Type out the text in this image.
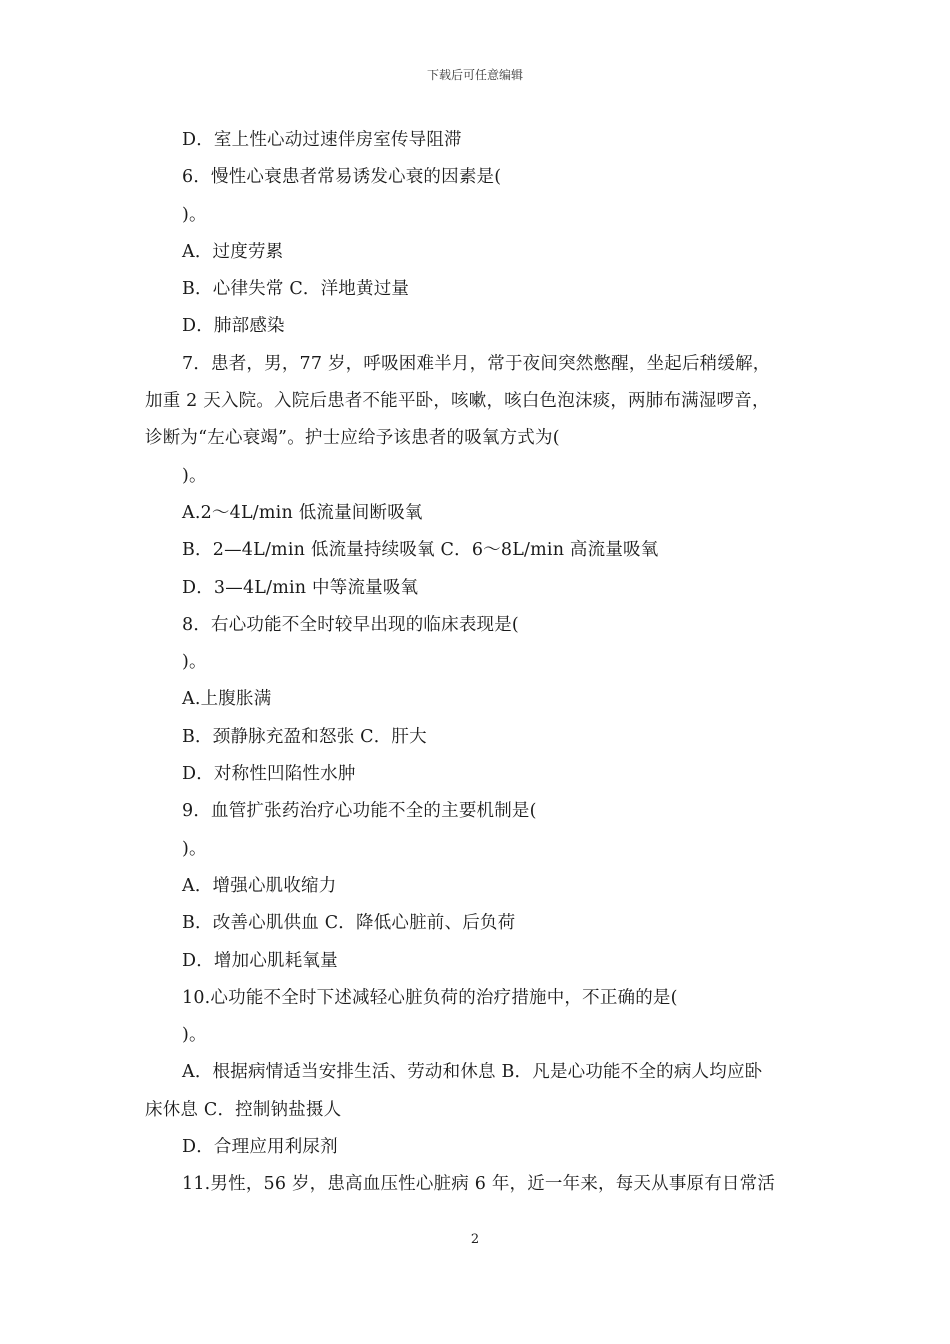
下载后可任意编辑
D．室上性心动过速伴房室传导阻滞
6．慢性心衰患者常易诱发心衰的因素是(
)。
A．过度劳累
B．心律失常 C．洋地黄过量
D．肺部感染
7．患者，男，77 岁，呼吸困难半月，常于夜间突然憋醒，坐起后稍缓解，
加重 2 天入院。入院后患者不能平卧，咳嗽，咳白色泡沫痰，两肺布满湿啰音，
诊断为“左心衰竭”。护士应给予该患者的吸氧方式为(
)。
A.2～4L/min 低流量间断吸氧
B．2—4L/min 低流量持续吸氧 C．6～8L/min 高流量吸氧
D．3—4L/min 中等流量吸氧
8．右心功能不全时较早出现的临床表现是(
)。
A.上腹胀满
B．颈静脉充盈和怒张 C．肝大
D．对称性凹陷性水肿
9．血管扩张药治疗心功能不全的主要机制是(
)。
A．增强心肌收缩力
B．改善心肌供血 C．降低心脏前、后负荷
D．增加心肌耗氧量
10.心功能不全时下述减轻心脏负荷的治疗措施中，不正确的是(
)。
A．根据病情适当安排生活、劳动和休息 B．凡是心功能不全的病人均应卧
床休息 C．控制钠盐摄人
D．合理应用利尿剂
11.男性，56 岁，患高血压性心脏病 6 年，近一年来，每天从事原有日常活
2
